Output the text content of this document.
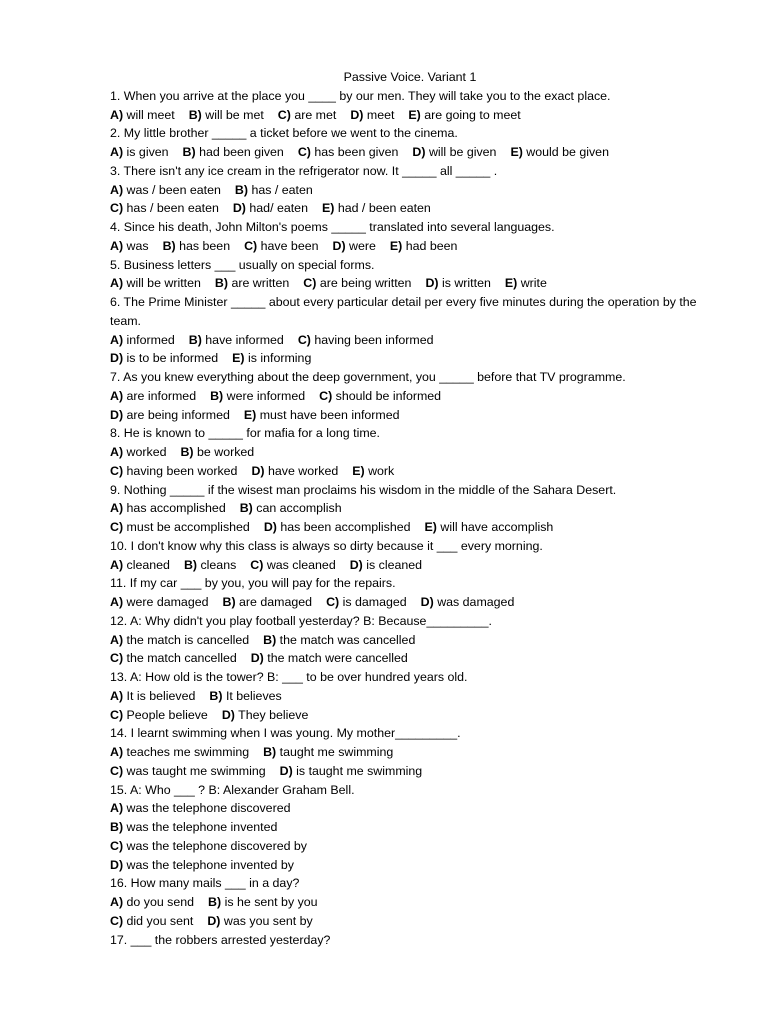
Passive Voice. Variant 1
1. When you arrive at the place you ____ by our men. They will take you to the exact place.
A) will meet B) will be met C) are met D) meet E) are going to meet
2. My little brother _____ a ticket before we went to the cinema.
A) is given B) had been given C) has been given D) will be given E) would be given
3. There isn't any ice cream in the refrigerator now. It _____ all _____ .
A) was / been eaten B) has / eaten
C) has / been eaten D) had/ eaten E) had / been eaten
4. Since his death, John Milton's poems _____ translated into several languages.
A) was B) has been C) have been D) were E) had been
5. Business letters ___ usually on special forms.
A) will be written B) are written C) are being written D) is written E) write
6. The Prime Minister _____ about every particular detail per every five minutes during the operation by the team.
A) informed B) have informed C) having been informed
D) is to be informed E) is informing
7. As you knew everything about the deep government, you _____ before that TV programme.
A) are informed B) were informed C) should be informed
D) are being informed E) must have been informed
8. He is known to _____ for mafia for a long time.
A) worked B) be worked
C) having been worked D) have worked E) work
9. Nothing _____ if the wisest man proclaims his wisdom in the middle of the Sahara Desert.
A) has accomplished B) can accomplish
C) must be accomplished D) has been accomplished E) will have accomplish
10. I don't know why this class is always so dirty because it ___ every morning.
A) cleaned B) cleans C) was cleaned D) is cleaned
11. If my car ___ by you, you will pay for the repairs.
A) were damaged B) are damaged C) is damaged D) was damaged
12. A: Why didn't you play football yesterday? B: Because_________.
A) the match is cancelled B) the match was cancelled
C) the match cancelled D) the match were cancelled
13. A: How old is the tower? B: ___ to be over hundred years old.
A) It is believed B) It believes
C) People believe D) They believe
14. I learnt swimming when I was young. My mother_________.
A) teaches me swimming B) taught me swimming
C) was taught me swimming D) is taught me swimming
15. A: Who ___ ? B: Alexander Graham Bell.
A) was the telephone discovered
B) was the telephone invented
C) was the telephone discovered by
D) was the telephone invented by
16. How many mails ___ in a day?
A) do you send B) is he sent by you
C) did you sent D) was you sent by
17. ___ the robbers arrested yesterday?
